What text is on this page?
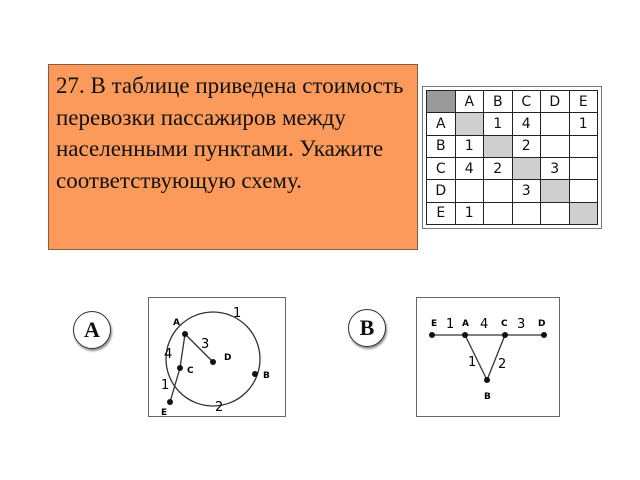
27. В таблице приведена стоимость перевозки пассажиров между населенными пунктами. Укажите соответствующую схему.

	A	B	C	D	E
A		1	4		1
B	1		2		
C	4	2		3	
D			3		
E	1				
A	A
D
C	B
E
1
3
4
1
2
B	E	A	C	D
B
1 4 3
1 2
